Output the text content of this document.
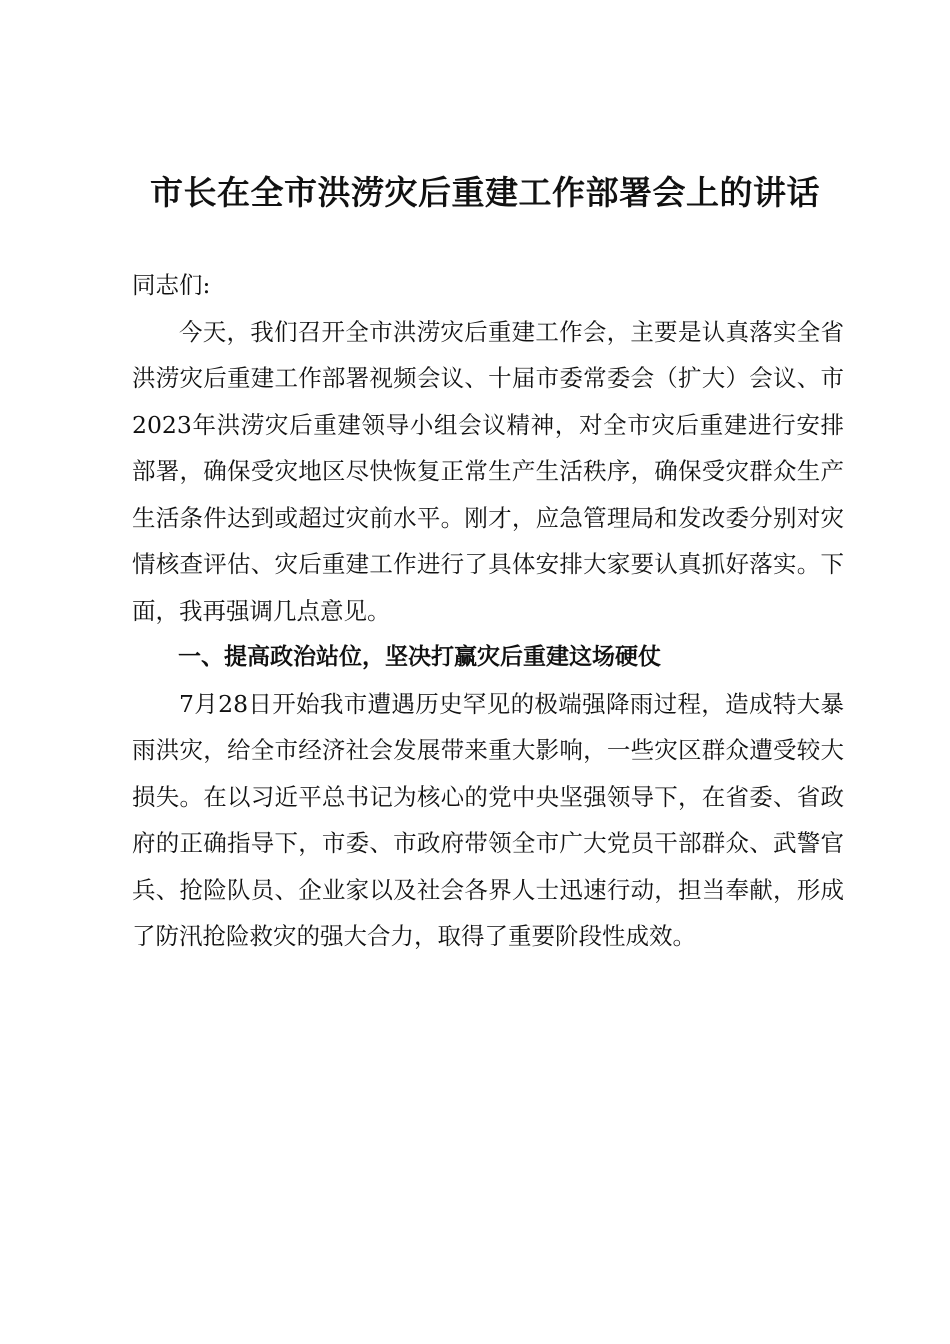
市长在全市洪涝灾后重建工作部署会上的讲话

同志们:

今天，我们召开全市洪涝灾后重建工作会，主要是认真落实全省洪涝灾后重建工作部署视频会议、十届市委常委会（扩大）会议、市2023年洪涝灾后重建领导小组会议精神，对全市灾后重建进行安排部署，确保受灾地区尽快恢复正常生产生活秩序，确保受灾群众生产生活条件达到或超过灾前水平。刚才，应急管理局和发改委分别对灾情核查评估、灾后重建工作进行了具体安排大家要认真抓好落实。下面，我再强调几点意见。

一、提高政治站位，坚决打赢灾后重建这场硬仗

7月28日开始我市遭遇历史罕见的极端强降雨过程，造成特大暴雨洪灾，给全市经济社会发展带来重大影响，一些灾区群众遭受较大损失。在以习近平总书记为核心的党中央坚强领导下，在省委、省政府的正确指导下，市委、市政府带领全市广大党员干部群众、武警官兵、抢险队员、企业家以及社会各界人士迅速行动，担当奉献，形成了防汛抢险救灾的强大合力，取得了重要阶段性成效。
